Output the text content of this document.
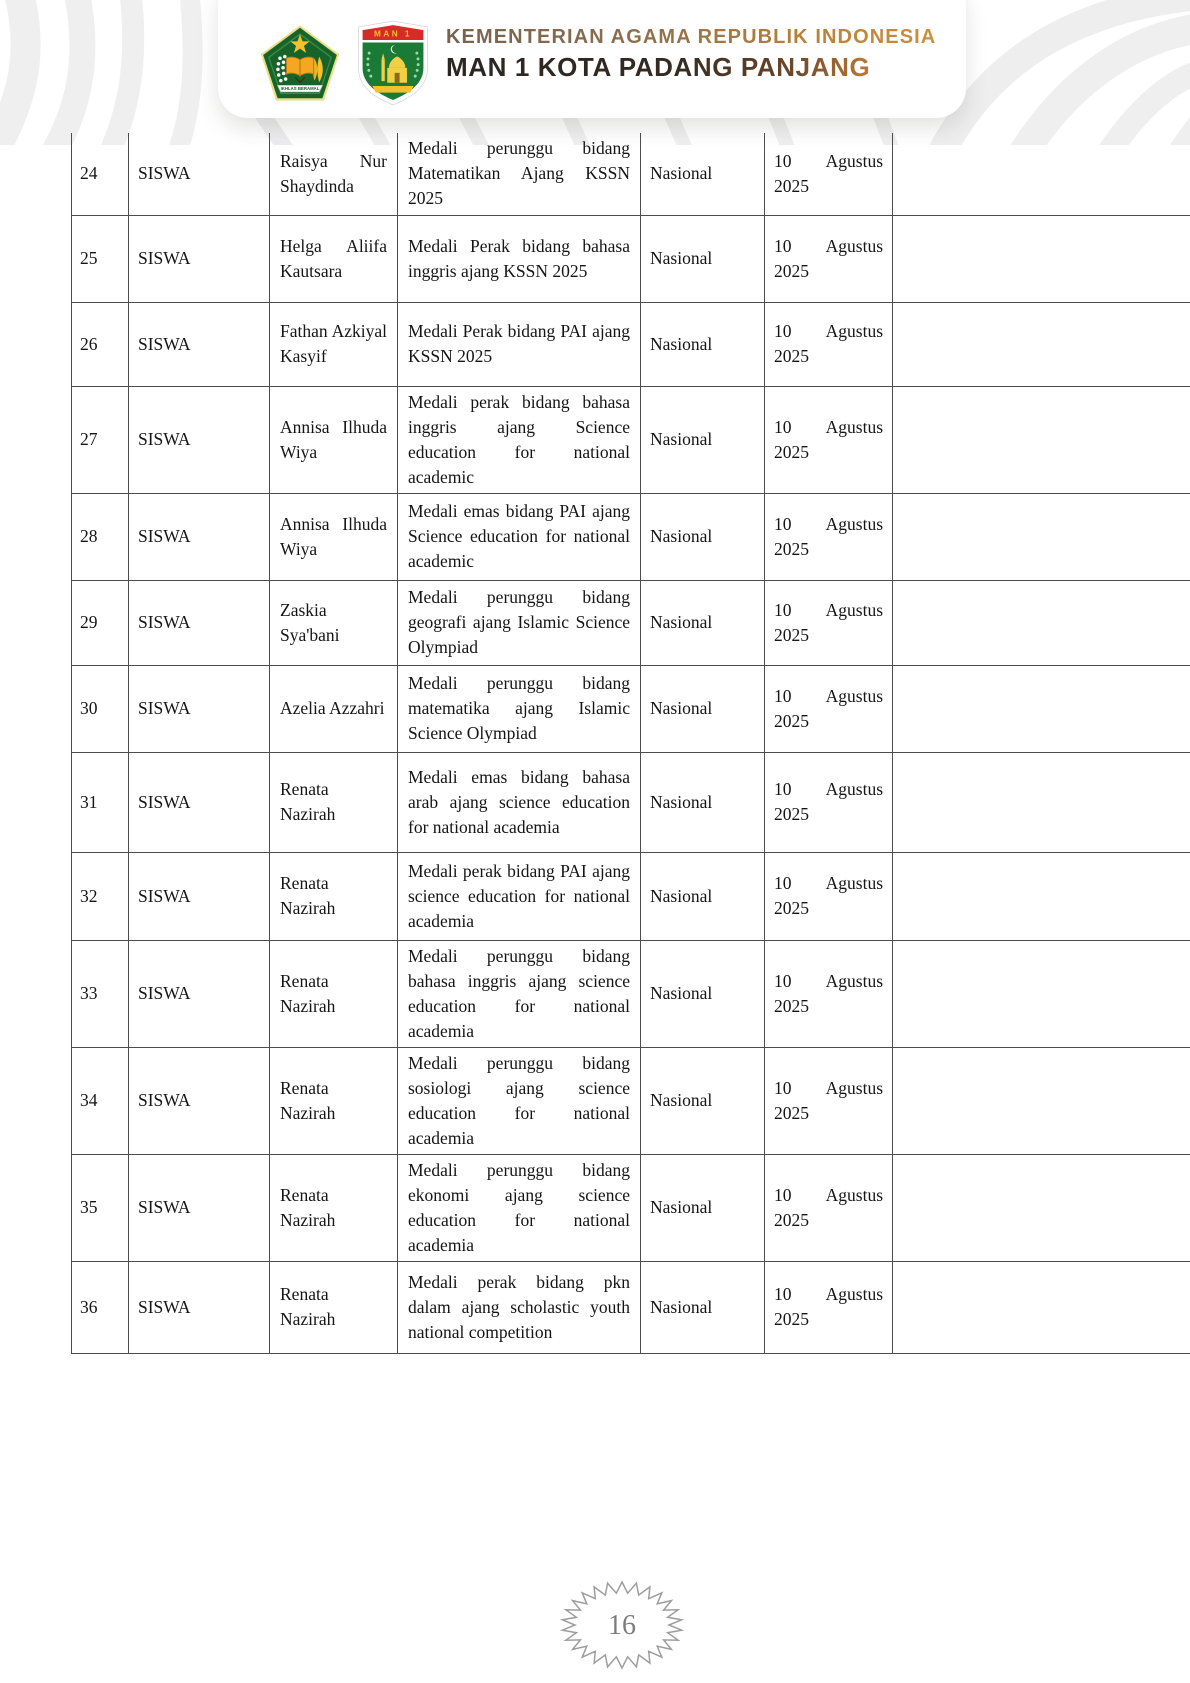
IKHLAS BERAMAL
MAN 1 KEMENTERIAN AGAMA REPUBLIK INDONESIA
MAN 1 KOTA PADANG PANJANG
24	SISWA	Raisya Nur Shaydinda	Medali perunggu bidang Matematikan Ajang KSSN 2025	Nasional	10 Agustus 2025	
25	SISWA	Helga Aliifa Kautsara	Medali Perak bidang bahasa inggris ajang KSSN 2025	Nasional	10 Agustus 2025	
26	SISWA	Fathan Azkiyal Kasyif	Medali Perak bidang PAI ajang KSSN 2025	Nasional	10 Agustus 2025	
27	SISWA	Annisa Ilhuda Wiya	Medali perak bidang bahasa inggris ajang Science education for national academic	Nasional	10 Agustus 2025	
28	SISWA	Annisa Ilhuda Wiya	Medali emas bidang PAI ajang Science education for national academic	Nasional	10 Agustus 2025	
29	SISWA	Zaskia Sya'bani	Medali perunggu bidang geografi ajang Islamic Science Olympiad	Nasional	10 Agustus 2025	
30	SISWA	Azelia Azzahri	Medali perunggu bidang matematika ajang Islamic Science Olympiad	Nasional	10 Agustus 2025	
31	SISWA	Renata Nazirah	Medali emas bidang bahasa arab ajang science education for national academia	Nasional	10 Agustus 2025	
32	SISWA	Renata Nazirah	Medali perak bidang PAI ajang science education for national academia	Nasional	10 Agustus 2025	
33	SISWA	Renata Nazirah	Medali perunggu bidang bahasa inggris ajang science education for national academia	Nasional	10 Agustus 2025	
34	SISWA	Renata Nazirah	Medali perunggu bidang sosiologi ajang science education for national academia	Nasional	10 Agustus 2025	
35	SISWA	Renata Nazirah	Medali perunggu bidang ekonomi ajang science education for national academia	Nasional	10 Agustus 2025	
36	SISWA	Renata Nazirah	Medali perak bidang pkn dalam ajang scholastic youth national competition	Nasional	10 Agustus 2025	
16
